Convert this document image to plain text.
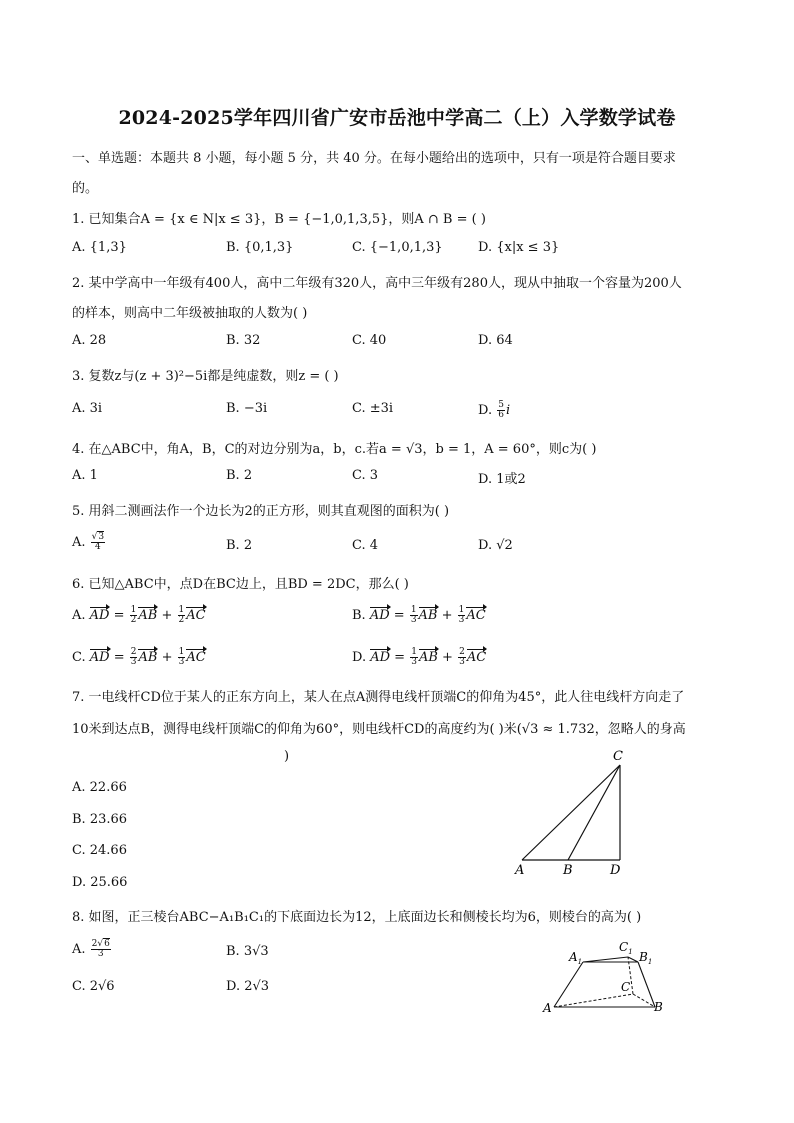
2024-2025学年四川省广安市岳池中学高二（上）入学数学试卷
一、单选题：本题共 8 小题，每小题 5 分，共 40 分。在每小题给出的选项中，只有一项是符合题目要求
的。
1. 已知集合A = {x ∈ N|x ≤ 3}，B = {−1,0,1,3,5}，则A ∩ B = ( )
A. {1,3}	B. {0,1,3}	C. {−1,0,1,3}	D. {x|x ≤ 3}
2. 某中学高中一年级有400人，高中二年级有320人，高中三年级有280人，现从中抽取一个容量为200人
的样本，则高中二年级被抽取的人数为( )
A. 28	B. 32	C. 40	D. 64
3. 复数z与(z + 3)²−5i都是纯虚数，则z = ( )
A. 3i	B. −3i	C. ±3i	D. $\frac{5}{6}$ i
4. 在△ABC中，角A，B，C的对边分别为a，b，c.若a = √3，b = 1，A = 60°，则c为( )
A. 1	B. 2	C. 3	D. 1或2
5. 用斜二测画法作一个边长为2的正方形，则其直观图的面积为( )
A. $\frac{√3}{4}$	B. 2	C. 4	D. √2
6. 已知△ABC中，点D在BC边上，且BD = 2DC，那么( )
A. AD = $\frac{1}{2}$ AB + $\frac{1}{2}$ AC	B. AD = $\frac{1}{3}$ AB + $\frac{1}{3}$ AC
C. AD = $\frac{2}{3}$ AB + $\frac{1}{3}$ AC	D. AD = $\frac{1}{3}$ AB + $\frac{2}{3}$ AC
7. 一电线杆CD位于某人的正东方向上，某人在点A测得电线杆顶端C的仰角为45°，此人往电线杆方向走了
10米到达点B，测得电线杆顶端C的仰角为60°，则电线杆CD的高度约为( )米(√3 ≈ 1.732，忽略人的身高
)
A. 22.66
B. 23.66
C. 24.66
D. 25.66
C
A	B	D
8. 如图，正三棱台ABC−A₁B₁C₁的下底面边长为12，上底面边长和侧棱长均为6，则棱台的高为( )
A. $\frac{2√6}{3}$	B. 3√3
C. 2√6	D. 2√3
$A_1$
$C_1$ $B_1$
C
A	B
